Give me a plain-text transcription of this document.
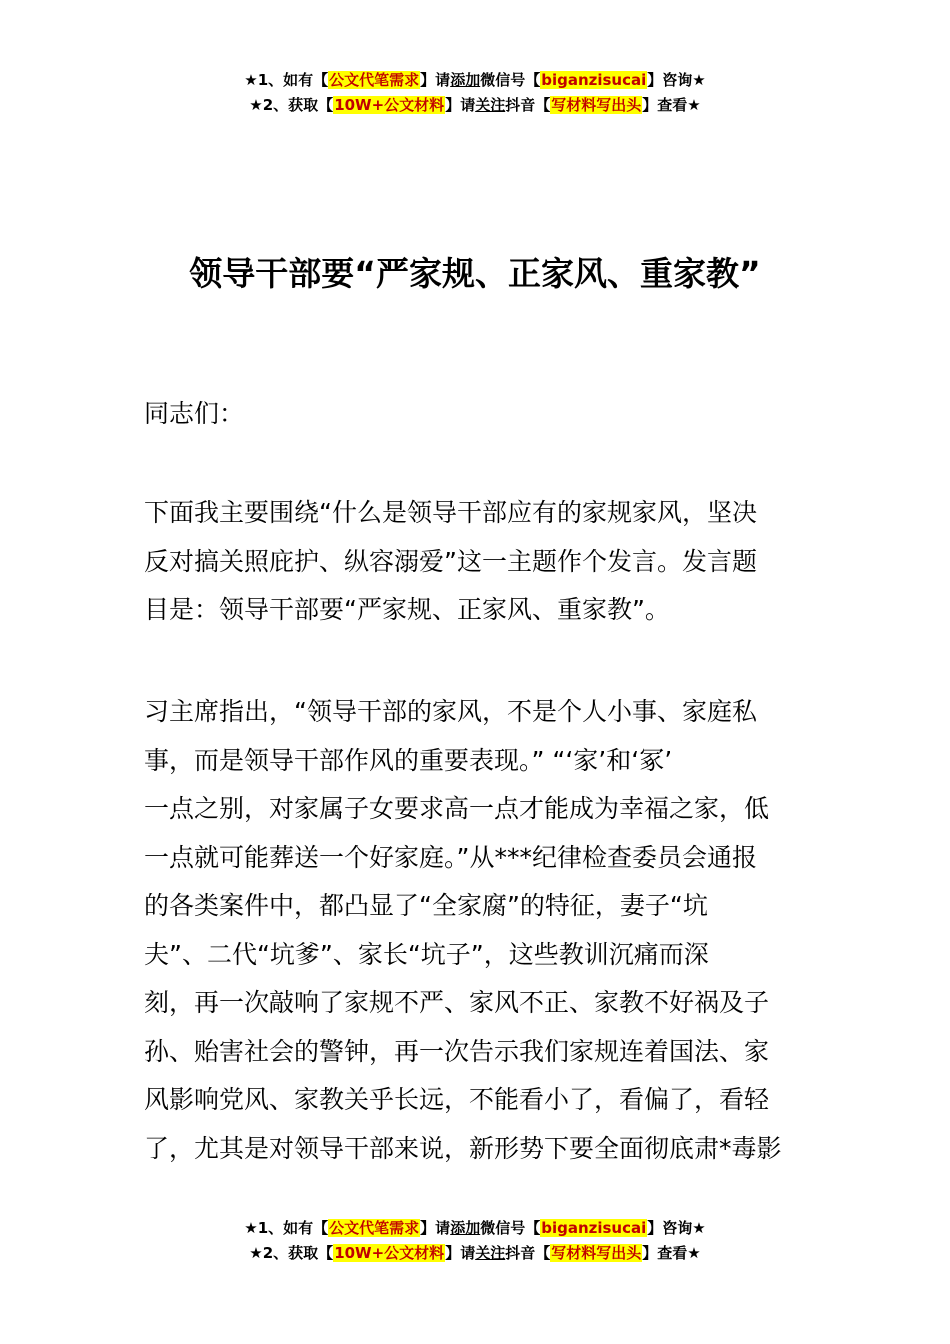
★1、如有【公文代笔需求】请添加微信号【biganzisucai】咨询★
★2、获取【10W+公文材料】请关注抖音【写材料写出头】查看★
领导干部要“严家规、正家风、重家教”
同志们：
下面我主要围绕“什么是领导干部应有的家规家风，坚决
反对搞关照庇护、纵容溺爱”这一主题作个发言。发言题
目是：领导干部要“严家规、正家风、重家教”。
习主席指出，“领导干部的家风，不是个人小事、家庭私
事，而是领导干部作风的重要表现。” “‘家’和‘冢’
一点之别，对家属子女要求高一点才能成为幸福之家，低
一点就可能葬送一个好家庭。”从***纪律检查委员会通报
的各类案件中，都凸显了“全家腐”的特征，妻子“坑
夫”、二代“坑爹”、家长“坑子”，这些教训沉痛而深
刻，再一次敲响了家规不严、家风不正、家教不好祸及子
孙、贻害社会的警钟，再一次告示我们家规连着国法、家
风影响党风、家教关乎长远，不能看小了，看偏了，看轻
了，尤其是对领导干部来说，新形势下要全面彻底肃*毒影
★1、如有【公文代笔需求】请添加微信号【biganzisucai】咨询★
★2、获取【10W+公文材料】请关注抖音【写材料写出头】查看★
